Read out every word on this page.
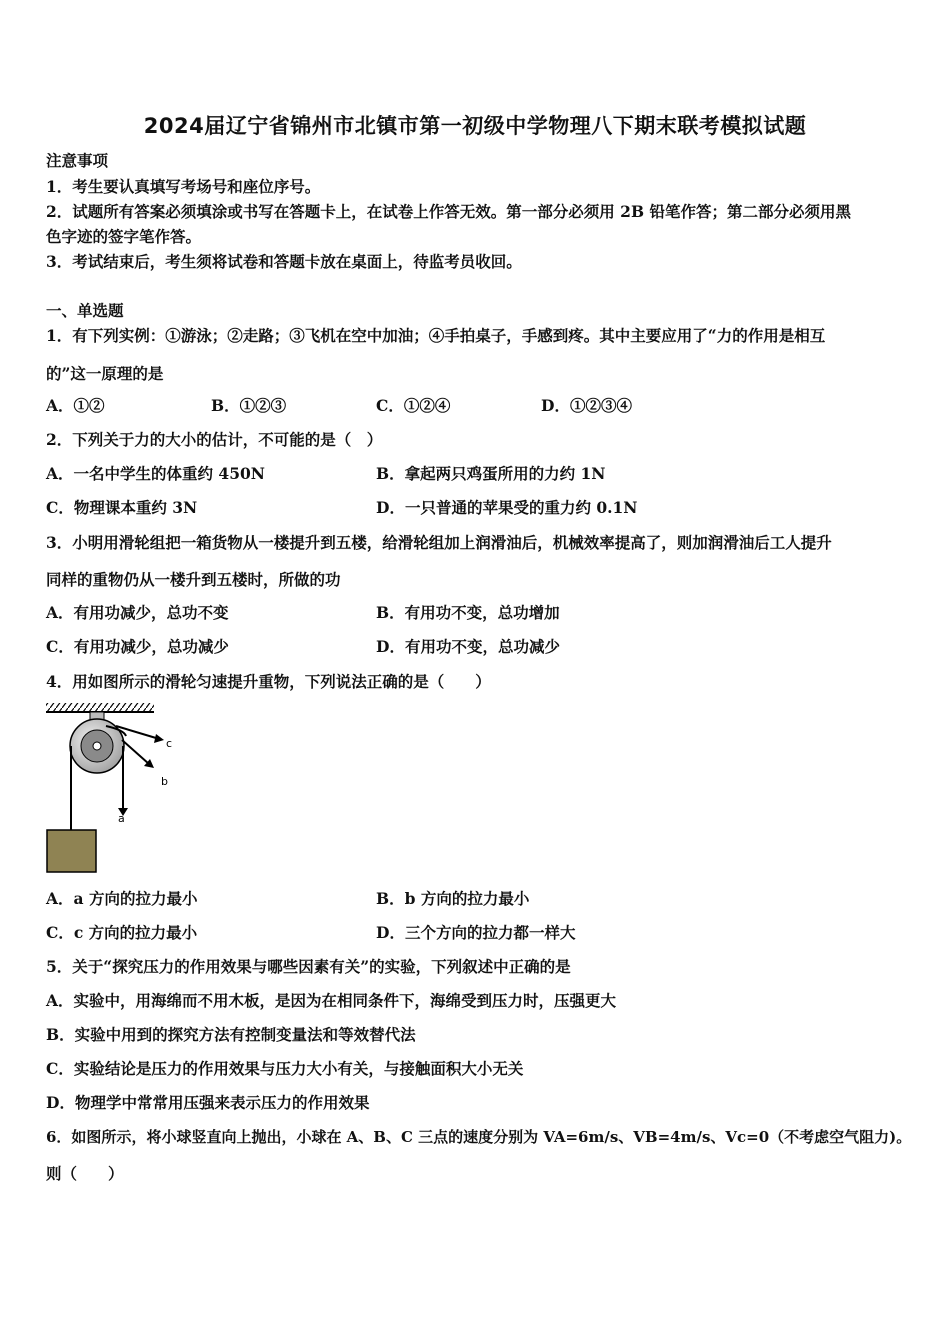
2024届辽宁省锦州市北镇市第一初级中学物理八下期末联考模拟试题
注意事项
1．考生要认真填写考场号和座位序号。
2．试题所有答案必须填涂或书写在答题卡上，在试卷上作答无效。第一部分必须用 2B 铅笔作答；第二部分必须用黑
色字迹的签字笔作答。
3．考试结束后，考生须将试卷和答题卡放在桌面上，待监考员收回。
一、单选题
1．有下列实例：①游泳；②走路；③飞机在空中加油；④手拍桌子，手感到疼。其中主要应用了“力的作用是相互
的”这一原理的是
A．①②	B．①②③	C．①②④	D．①②③④
2．下列关于力的大小的估计，不可能的是（　）
A．一名中学生的体重约 450N	B．拿起两只鸡蛋所用的力约 1N
C．物理课本重约 3N	D．一只普通的苹果受的重力约 0.1N
3．小明用滑轮组把一箱货物从一楼提升到五楼，给滑轮组加上润滑油后，机械效率提高了，则加润滑油后工人提升
同样的重物仍从一楼升到五楼时，所做的功
A．有用功减少，总功不变	B．有用功不变，总功增加
C．有用功减少，总功减少	D．有用功不变，总功减少
4．用如图所示的滑轮匀速提升重物，下列说法正确的是（　　）
a
b
c
A．a 方向的拉力最小	B．b 方向的拉力最小
C．c 方向的拉力最小	D．三个方向的拉力都一样大
5．关于“探究压力的作用效果与哪些因素有关”的实验，下列叙述中正确的是
A．实验中，用海绵而不用木板，是因为在相同条件下，海绵受到压力时，压强更大
B．实验中用到的探究方法有控制变量法和等效替代法
C．实验结论是压力的作用效果与压力大小有关，与接触面积大小无关
D．物理学中常常用压强来表示压力的作用效果
6．如图所示，将小球竖直向上抛出，小球在 A、B、C 三点的速度分别为 VA=6m/s、VB=4m/s、Vc=0（不考虑空气阻力)。
则（　　）
